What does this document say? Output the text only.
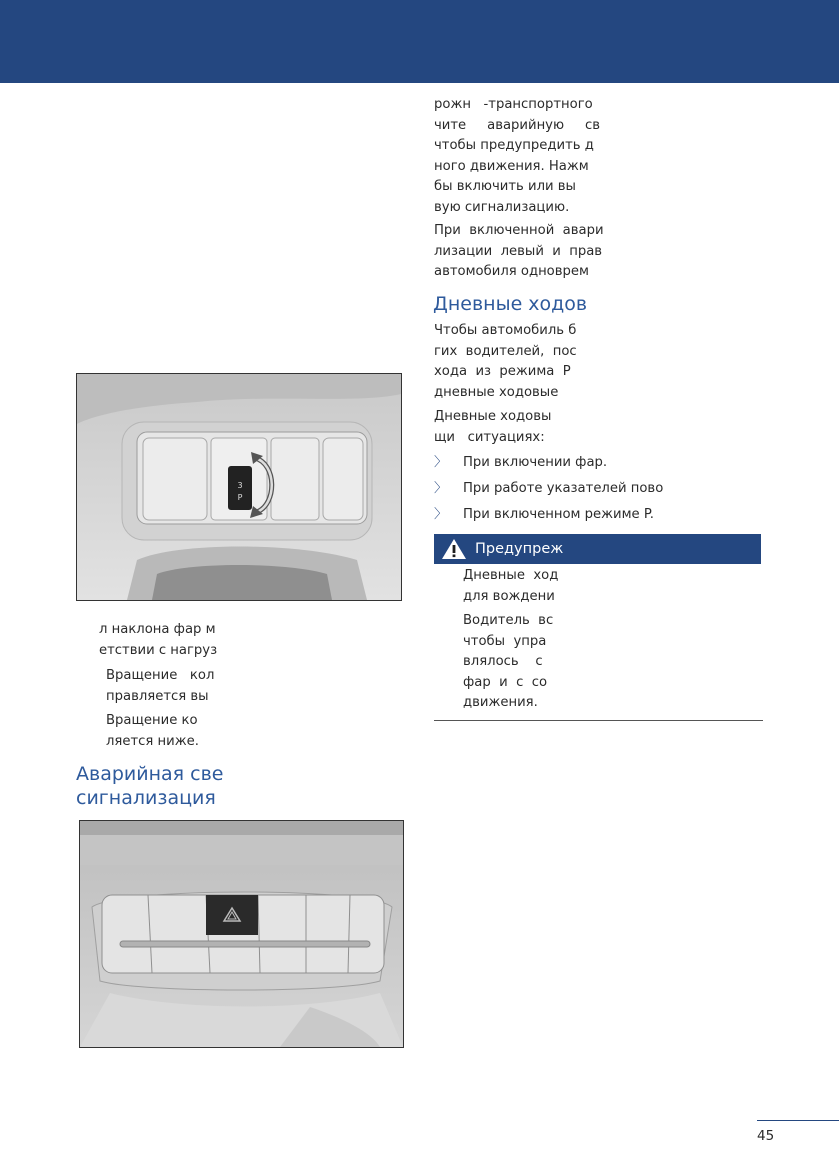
рожн   -транспортного
чите     аварийную     св
чтобы предупредить д
ного движения. Нажм
бы включить или вы
вую сигнализацию.
При  включенной  авари
лизации  левый  и  прав
автомобиля одноврем
Дневные ходов
Чтобы автомобиль б
гих  водителей,  пос
хода  из  режима  P
дневные ходовые
Дневные ходовы
щи   ситуациях:
〉 При включении фар.
〉 При работе указателей пово
〉 При включенном режиме P.
Предупреж
Дневные  ход
для вождени
Водитель  вс
чтобы  упра
влялось    с
фар  и  с  со
движения.
3
P
л наклона фар м
етствии с нагруз
Вращение   кол
правляется вы
Вращение ко
ляется ниже.
Аварийная све
сигнализация
45
